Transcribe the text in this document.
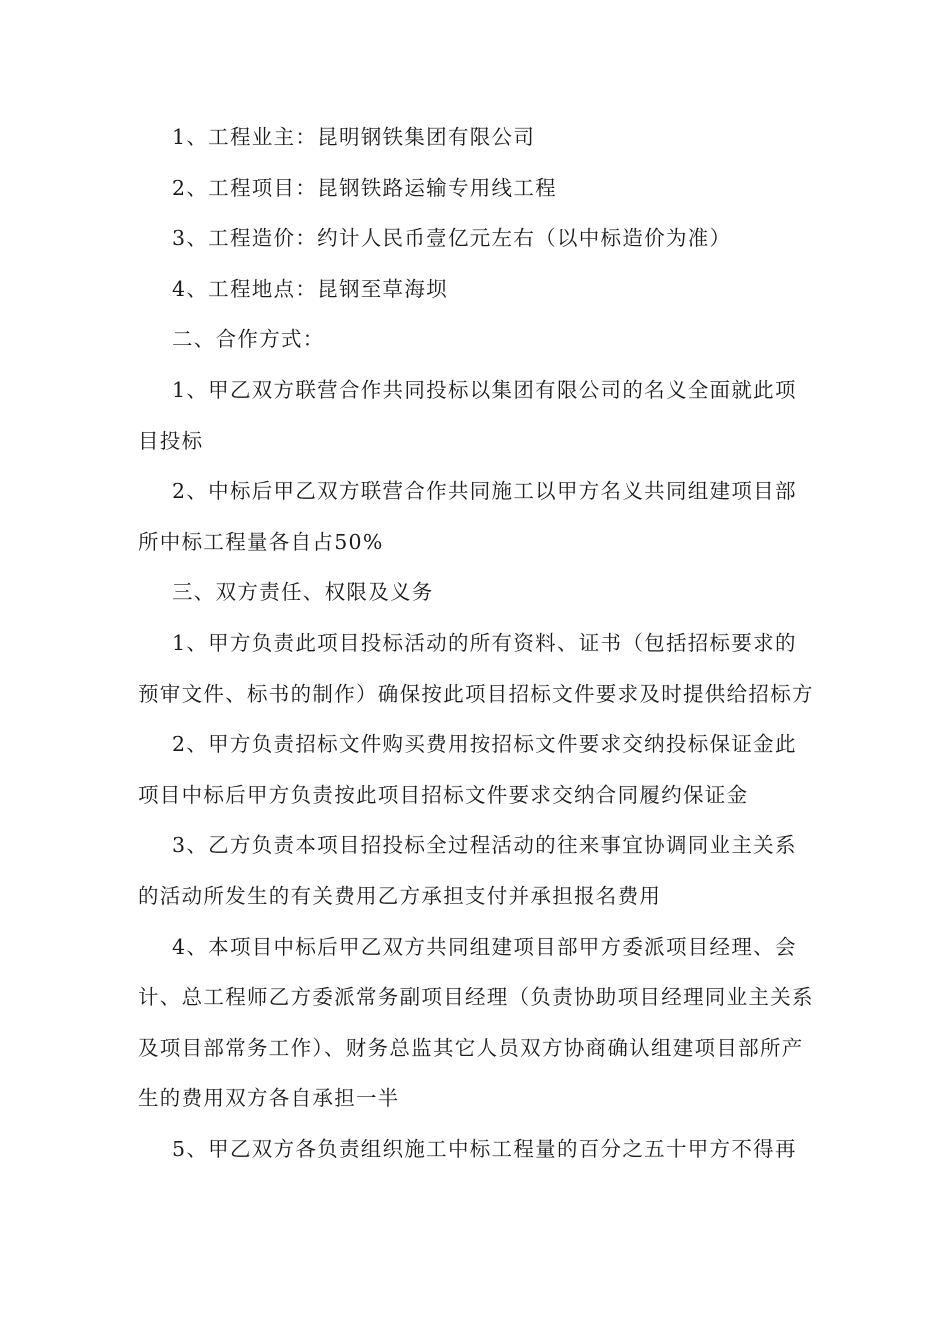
1、工程业主：昆明钢铁集团有限公司

2、工程项目：昆钢铁路运输专用线工程

3、工程造价：约计人民币壹亿元左右（以中标造价为准）

4、工程地点：昆钢至草海坝

二、合作方式：

1、甲乙双方联营合作共同投标以集团有限公司的名义全面就此项目投标

2、中标后甲乙双方联营合作共同施工以甲方名义共同组建项目部所中标工程量各自占50%

三、双方责任、权限及义务

1、甲方负责此项目投标活动的所有资料、证书（包括招标要求的预审文件、标书的制作）确保按此项目招标文件要求及时提供给招标方

2、甲方负责招标文件购买费用按招标文件要求交纳投标保证金此项目中标后甲方负责按此项目招标文件要求交纳合同履约保证金

3、乙方负责本项目招投标全过程活动的往来事宜协调同业主关系的活动所发生的有关费用乙方承担支付并承担报名费用

4、本项目中标后甲乙双方共同组建项目部甲方委派项目经理、会计、总工程师乙方委派常务副项目经理（负责协助项目经理同业主关系及项目部常务工作）、财务总监其它人员双方协商确认组建项目部所产生的费用双方各自承担一半

5、甲乙双方各负责组织施工中标工程量的百分之五十甲方不得再
